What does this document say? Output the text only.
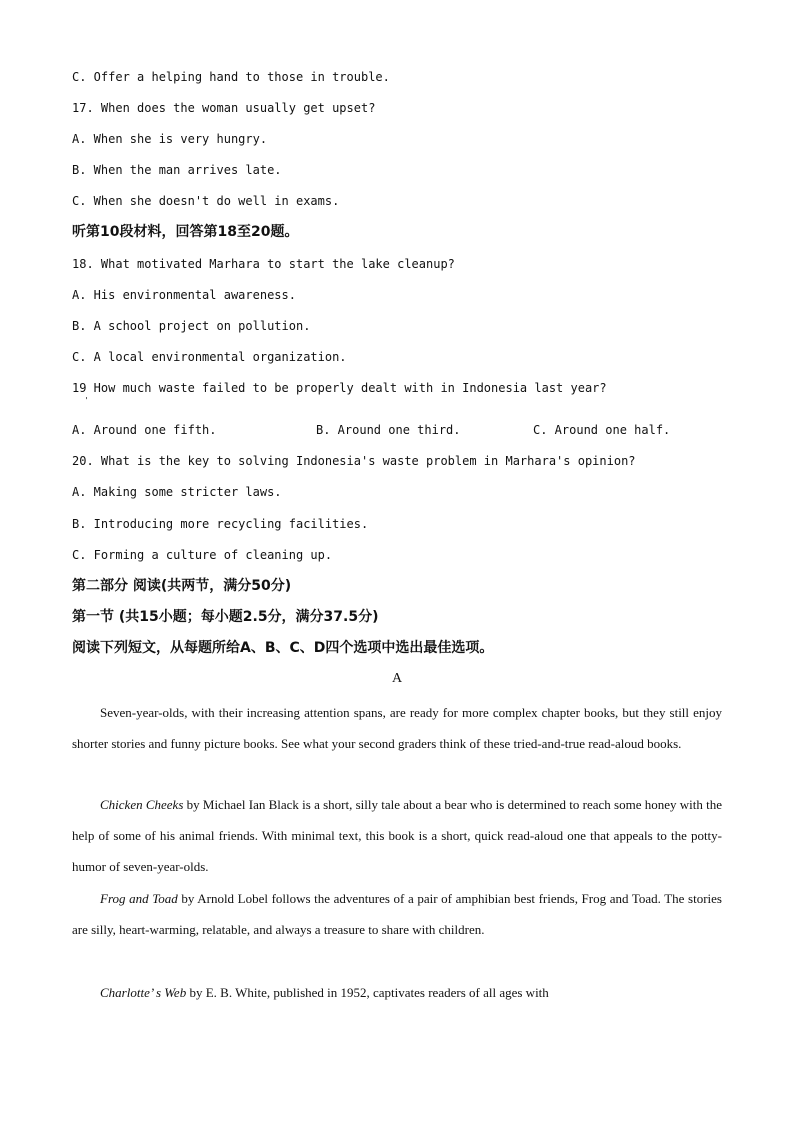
C. Offer a helping hand to those in trouble.
17. When does the woman usually get upset?
A. When she is very hungry.
B. When the man arrives late.
C. When she doesn't do well in exams.
听第10段材料，回答第18至20题。
18. What motivated Marhara to start the lake cleanup?
A. His environmental awareness.
B. A school project on pollution.
C. A local environmental organization.
19 How much waste failed to be properly dealt with in Indonesia last year?
'
A. Around one fifth.	B. Around one third.	C. Around one half.
20. What is the key to solving Indonesia's waste problem in Marhara's opinion?
A. Making some stricter laws.
B. Introducing more recycling facilities.
C. Forming a culture of cleaning up.
第二部分 阅读(共两节，满分50分)
第一节 (共15小题；每小题2.5分，满分37.5分)
阅读下列短文，从每题所给A、B、C、D四个选项中选出最佳选项。
A

Seven-year-olds, with their increasing attention spans, are ready for more complex chapter books, but they still enjoy shorter stories and funny picture books. See what your second graders think of these tried-and-true read-aloud books.

Chicken Cheeks by Michael Ian Black is a short, silly tale about a bear who is determined to reach some honey with the help of some of his animal friends. With minimal text, this book is a short, quick read-aloud one that appeals to the potty-humor of seven-year-olds.

Frog and Toad by Arnold Lobel follows the adventures of a pair of amphibian best friends, Frog and Toad. The stories are silly, heart-warming, relatable, and always a treasure to share with children.

Charlotte’ s Web by E. B. White, published in 1952, captivates readers of all ages with
